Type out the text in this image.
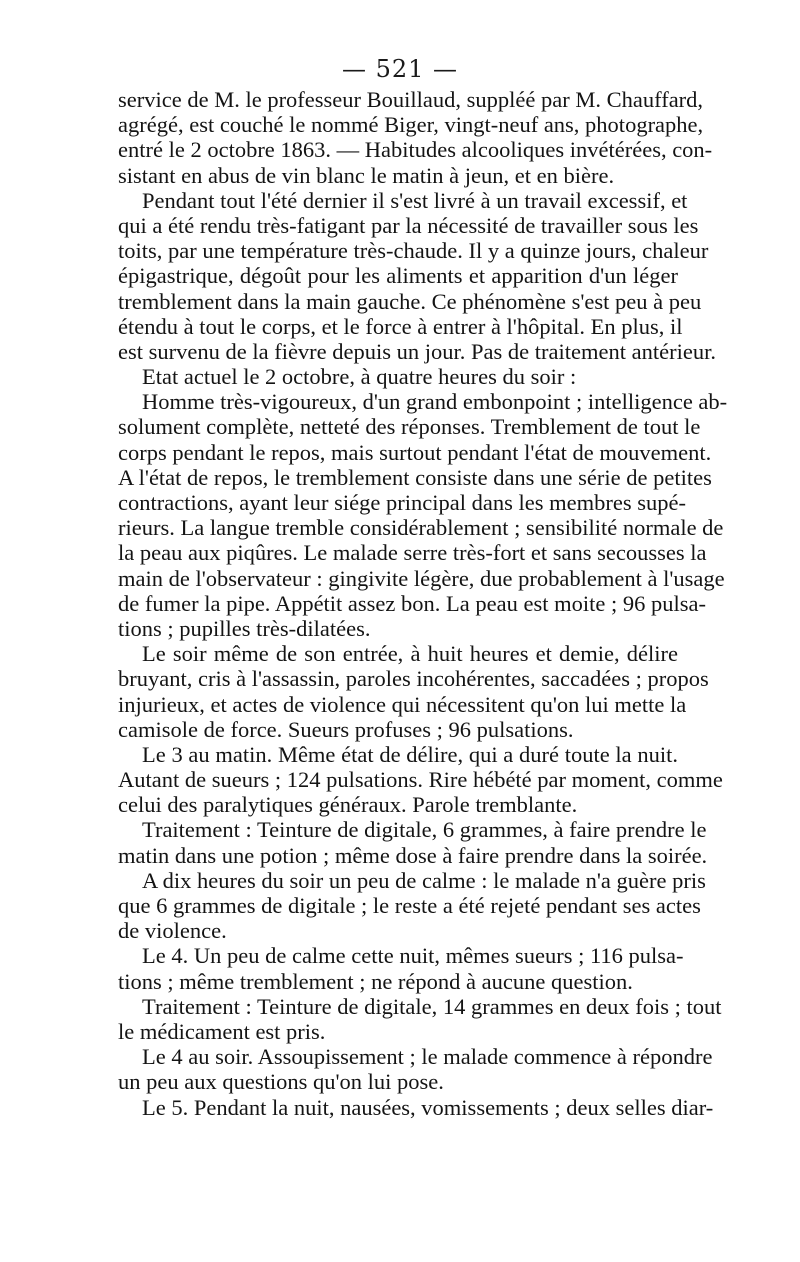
— 521 —
service de M. le professeur Bouillaud, suppléé par M. Chauffard,
agrégé, est couché le nommé Biger, vingt-neuf ans, photographe,
entré le 2 octobre 1863. — Habitudes alcooliques invétérées, con-
sistant en abus de vin blanc le matin à jeun, et en bière.
Pendant tout l'été dernier il s'est livré à un travail excessif, et
qui a été rendu très-fatigant par la nécessité de travailler sous les
toits, par une température très-chaude. Il y a quinze jours, chaleur
épigastrique, dégoût pour les aliments et apparition d'un léger
tremblement dans la main gauche. Ce phénomène s'est peu à peu
étendu à tout le corps, et le force à entrer à l'hôpital. En plus, il
est survenu de la fièvre depuis un jour. Pas de traitement antérieur.
Etat actuel le 2 octobre, à quatre heures du soir :
Homme très-vigoureux, d'un grand embonpoint ; intelligence ab-
solument complète, netteté des réponses. Tremblement de tout le
corps pendant le repos, mais surtout pendant l'état de mouvement.
A l'état de repos, le tremblement consiste dans une série de petites
contractions, ayant leur siége principal dans les membres supé-
rieurs. La langue tremble considérablement ; sensibilité normale de
la peau aux piqûres. Le malade serre très-fort et sans secousses la
main de l'observateur : gingivite légère, due probablement à l'usage
de fumer la pipe. Appétit assez bon. La peau est moite ; 96 pulsa-
tions ; pupilles très-dilatées.
Le soir même de son entrée, à huit heures et demie, délire
bruyant, cris à l'assassin, paroles incohérentes, saccadées ; propos
injurieux, et actes de violence qui nécessitent qu'on lui mette la
camisole de force. Sueurs profuses ; 96 pulsations.
Le 3 au matin. Même état de délire, qui a duré toute la nuit.
Autant de sueurs ; 124 pulsations. Rire hébété par moment, comme
celui des paralytiques généraux. Parole tremblante.
Traitement : Teinture de digitale, 6 grammes, à faire prendre le
matin dans une potion ; même dose à faire prendre dans la soirée.
A dix heures du soir un peu de calme : le malade n'a guère pris
que 6 grammes de digitale ; le reste a été rejeté pendant ses actes
de violence.
Le 4. Un peu de calme cette nuit, mêmes sueurs ; 116 pulsa-
tions ; même tremblement ; ne répond à aucune question.
Traitement : Teinture de digitale, 14 grammes en deux fois ; tout
le médicament est pris.
Le 4 au soir. Assoupissement ; le malade commence à répondre
un peu aux questions qu'on lui pose.
Le 5. Pendant la nuit, nausées, vomissements ; deux selles diar-
